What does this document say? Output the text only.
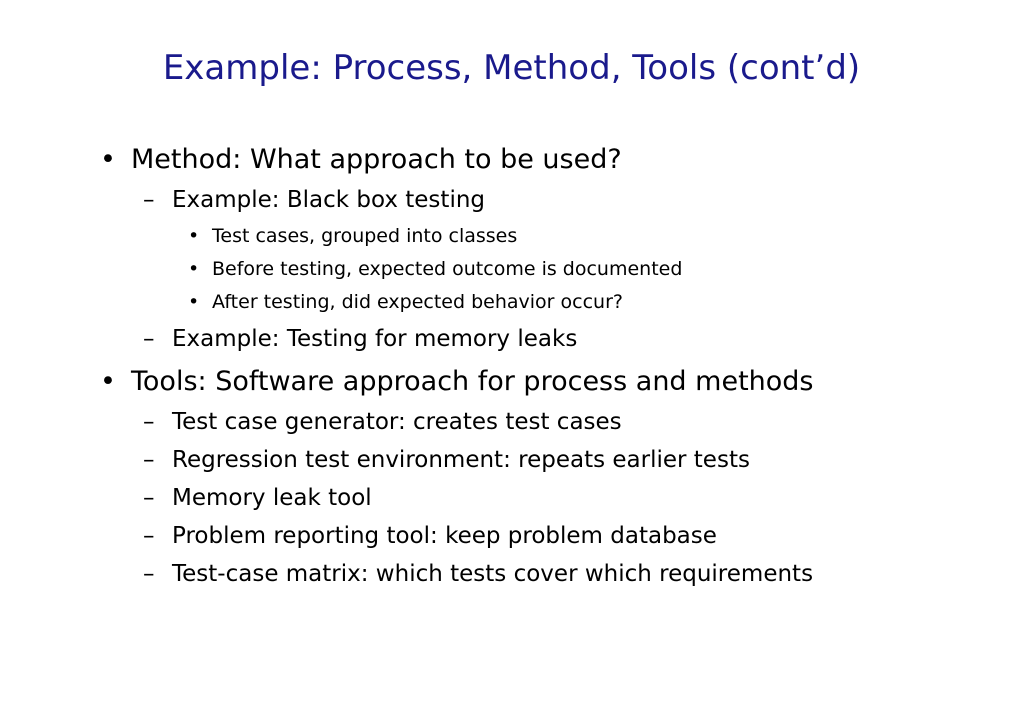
Example: Process, Method, Tools (cont’d)
• Method: What approach to be used?
– Example: Black box testing
• Test cases, grouped into classes
• Before testing, expected outcome is documented
• After testing, did expected behavior occur?
– Example: Testing for memory leaks
• Tools: Software approach for process and methods
– Test case generator: creates test cases
– Regression test environment: repeats earlier tests
– Memory leak tool
– Problem reporting tool: keep problem database
– Test-case matrix: which tests cover which requirements
